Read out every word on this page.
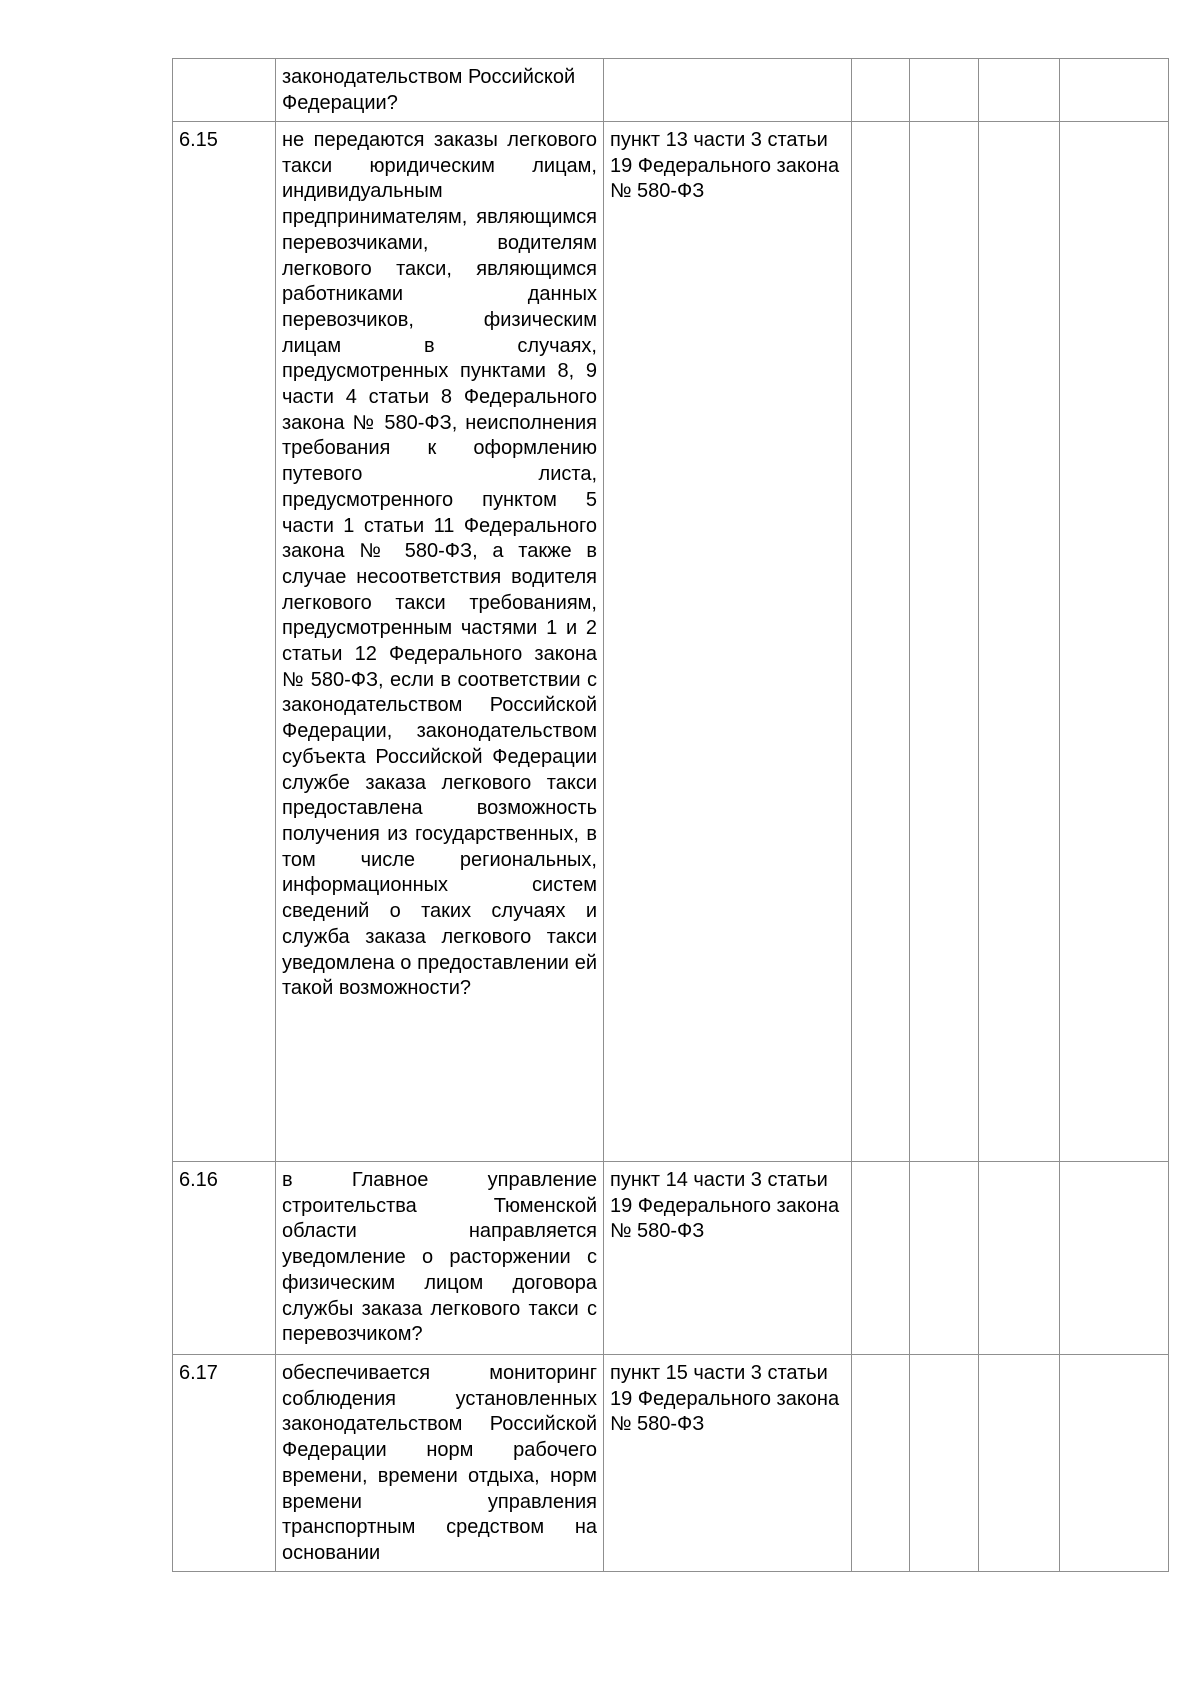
	законодательством Российской Федерации?					

6.15	не передаются заказы легкового такси юридическим лицам, индивидуальным предпринимателям, являющимся перевозчиками, водителям легкового такси, являющимся работниками данных перевозчиков, физическим лицам в случаях, предусмотренных пунктами 8, 9 части 4 статьи 8 Федерального закона № 580-ФЗ, неисполнения требования к оформлению путевого листа, предусмотренного пунктом 5 части 1 статьи 11 Федерального закона № 580-ФЗ, а также в случае несоответствия водителя легкового такси требованиям, предусмотренным частями 1 и 2 статьи 12 Федерального закона № 580-ФЗ, если в соответствии с законодательством Российской Федерации, законодательством субъекта Российской Федерации службе заказа легкового такси предоставлена возможность получения из государственных, в том числе региональных, информационных систем сведений о таких случаях и служба заказа легкового такси уведомлена о предоставлении ей такой возможности?	пункт 13 части 3 статьи 19 Федерального закона № 580-ФЗ				
6.16	в Главное управление строительства Тюменской области направляется уведомление о расторжении с физическим лицом договора службы заказа легкового такси с перевозчиком?	пункт 14 части 3 статьи 19 Федерального закона № 580-ФЗ				
6.17	обеспечивается мониторинг соблюдения установленных законодательством Российской Федерации норм рабочего времени, времени отдыха, норм времени управления транспортным средством на основании	пункт 15 части 3 статьи 19 Федерального закона № 580-ФЗ				
